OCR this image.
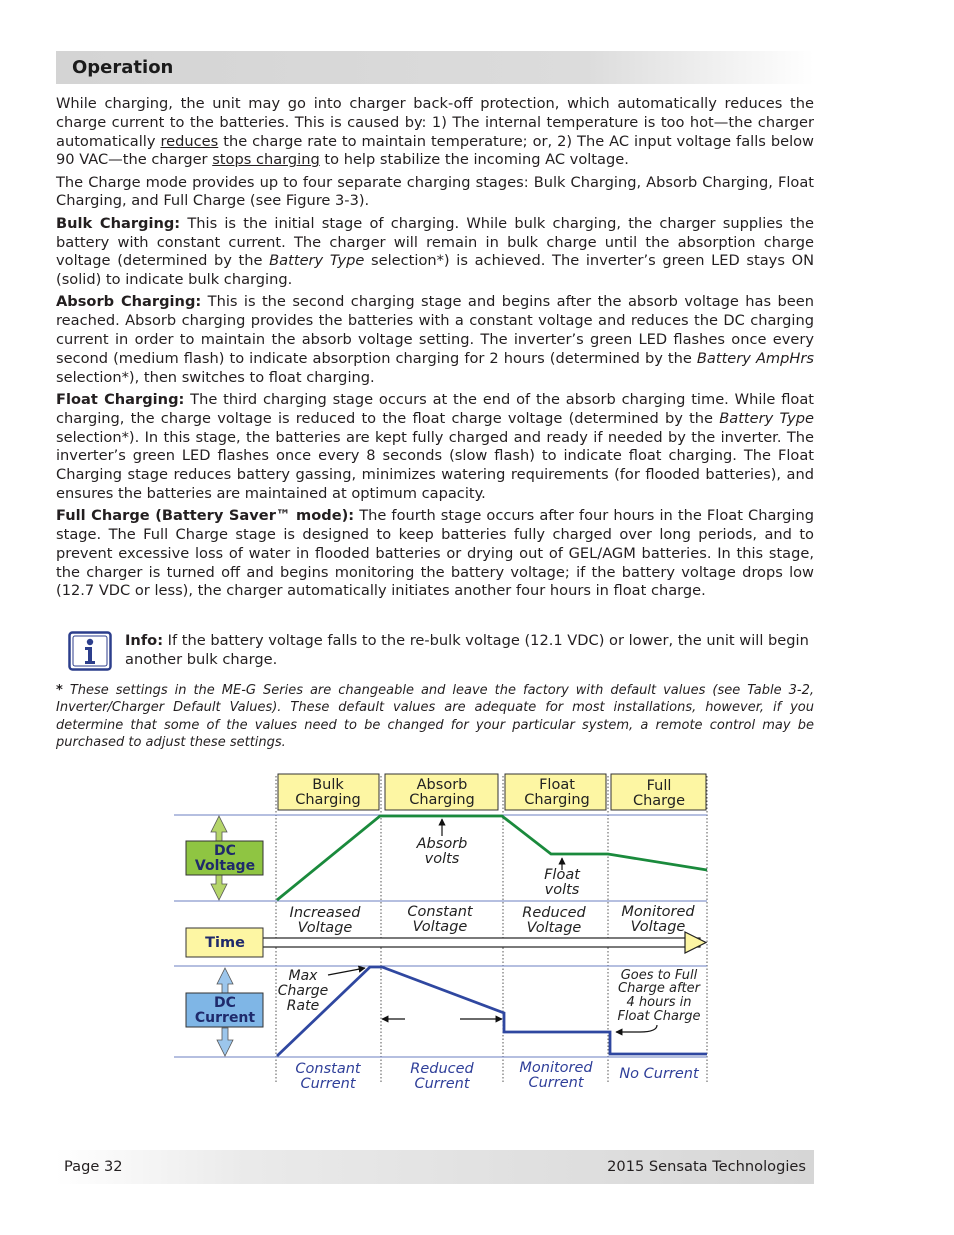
Operation

While charging, the unit may go into charger back-off protection, which automatically reduces the charge current to the batteries. This is caused by: 1) The internal temperature is too hot—the charger automatically reduces the charge rate to maintain temperature; or, 2) The AC input voltage falls below 90 VAC—the charger stops charging to help stabilize the incoming AC voltage.

The Charge mode provides up to four separate charging stages: Bulk Charging, Absorb Charging, Float Charging, and Full Charge (see Figure 3-3).

Bulk Charging: This is the initial stage of charging. While bulk charging, the charger supplies the battery with constant current. The charger will remain in bulk charge until the absorption charge voltage (determined by the Battery Type selection*) is achieved. The inverter’s green LED stays ON (solid) to indicate bulk charging.

Absorb Charging: This is the second charging stage and begins after the absorb voltage has been reached. Absorb charging provides the batteries with a constant voltage and reduces the DC charging current in order to maintain the absorb voltage setting. The inverter’s green LED flashes once every second (medium flash) to indicate absorption charging for 2 hours (determined by the Battery AmpHrs selection*), then switches to float charging.

Float Charging: The third charging stage occurs at the end of the absorb charging time. While float charging, the charge voltage is reduced to the float charge voltage (determined by the Battery Type selection*). In this stage, the batteries are kept fully charged and ready if needed by the inverter. The inverter’s green LED flashes once every 8 seconds (slow flash) to indicate float charging. The Float Charging stage reduces battery gassing, minimizes watering requirements (for flooded batteries), and ensures the batteries are maintained at optimum capacity.

Full Charge (Battery Saver™ mode): The fourth stage occurs after four hours in the Float Charging stage. The Full Charge stage is designed to keep batteries fully charged over long periods, and to prevent excessive loss of water in flooded batteries or drying out of GEL/AGM batteries. In this stage, the charger is turned off and begins monitoring the battery voltage; if the battery voltage drops low (12.7 VDC or less), the charger automatically initiates another four hours in float charge.

Info: If the battery voltage falls to the re-bulk voltage (12.1 VDC) or lower, the unit will begin another bulk charge.
* These settings in the ME-G Series are changeable and leave the factory with default values (see Table 3-2, Inverter/Charger Default Values). These default values are adequate for most installations, however, if you determine that some of the values need to be changed for your particular system, a remote control may be purchased to adjust these settings.
Bulk
Charging
Absorb
Charging
Float
Charging
Full
Charge
DC
Voltage
Absorb
volts
Float
volts
Increased
Voltage
Constant
Voltage
Reduced
Voltage
Monitored
Voltage
Time
DC
Current
Max
Charge
Rate
Goes to Full
Charge after
4 hours in
Float Charge
Constant
Current
Reduced
Current
Monitored
Current
No Current
Page 32	2015 Sensata Technologies
